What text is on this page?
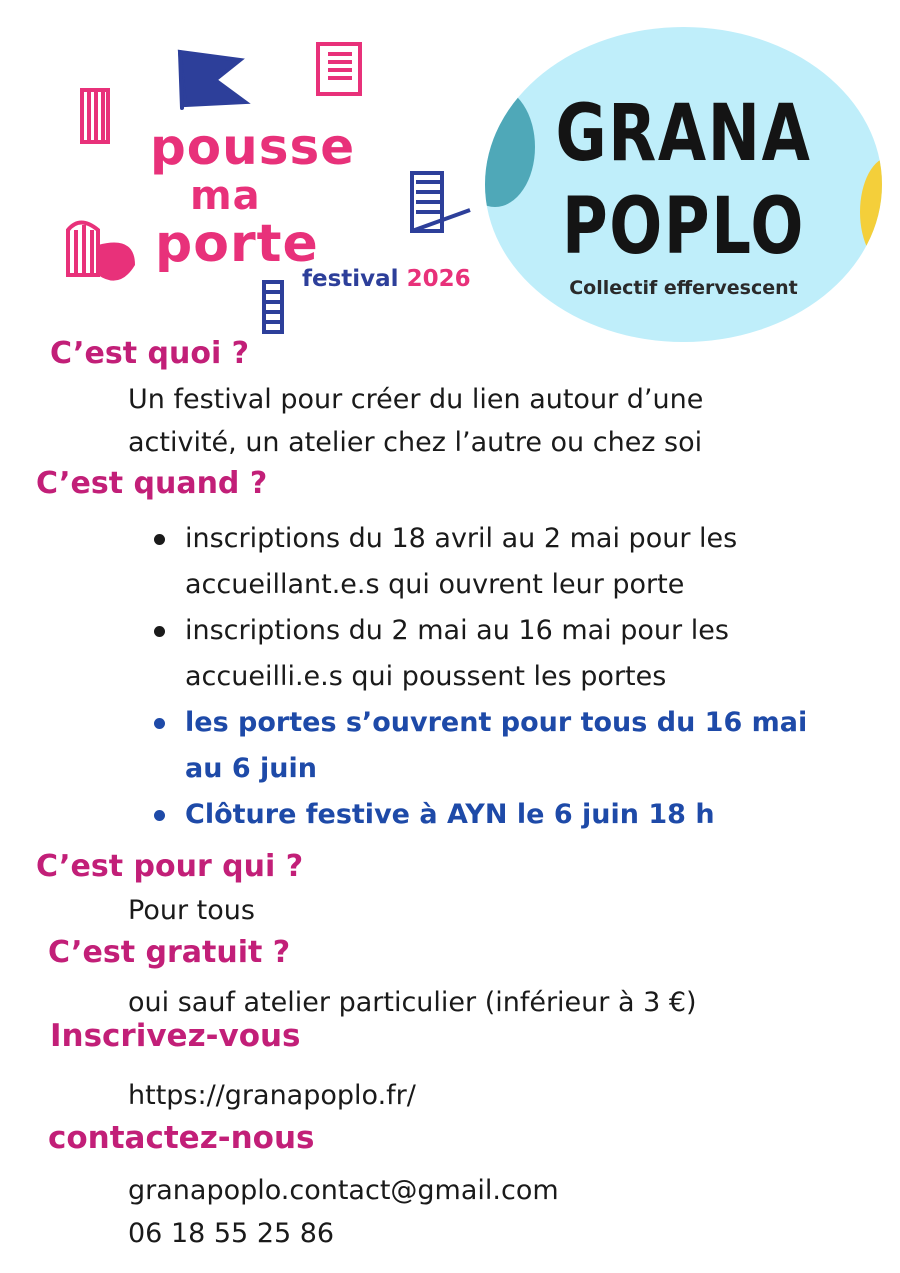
pousse
ma
porte
festival 2026
GRANA
POPLO
Collectif effervescent
C’est quoi ?
Un festival pour créer du lien autour d’une
activité, un atelier chez l’autre ou chez soi
C’est quand ?
inscriptions du 18 avril au 2 mai pour les
accueillant.e.s qui ouvrent leur porte
inscriptions du 2 mai au 16 mai pour les
accueilli.e.s qui poussent les portes
les portes s’ouvrent pour tous du 16 mai
au 6 juin
Clôture festive à AYN le 6 juin 18 h
C’est pour qui ?
Pour tous
C’est gratuit ?
oui sauf atelier particulier (inférieur à 3 €)
Inscrivez-vous
https://granapoplo.fr/
contactez-nous
granapoplo.contact@gmail.com
06 18 55 25 86
